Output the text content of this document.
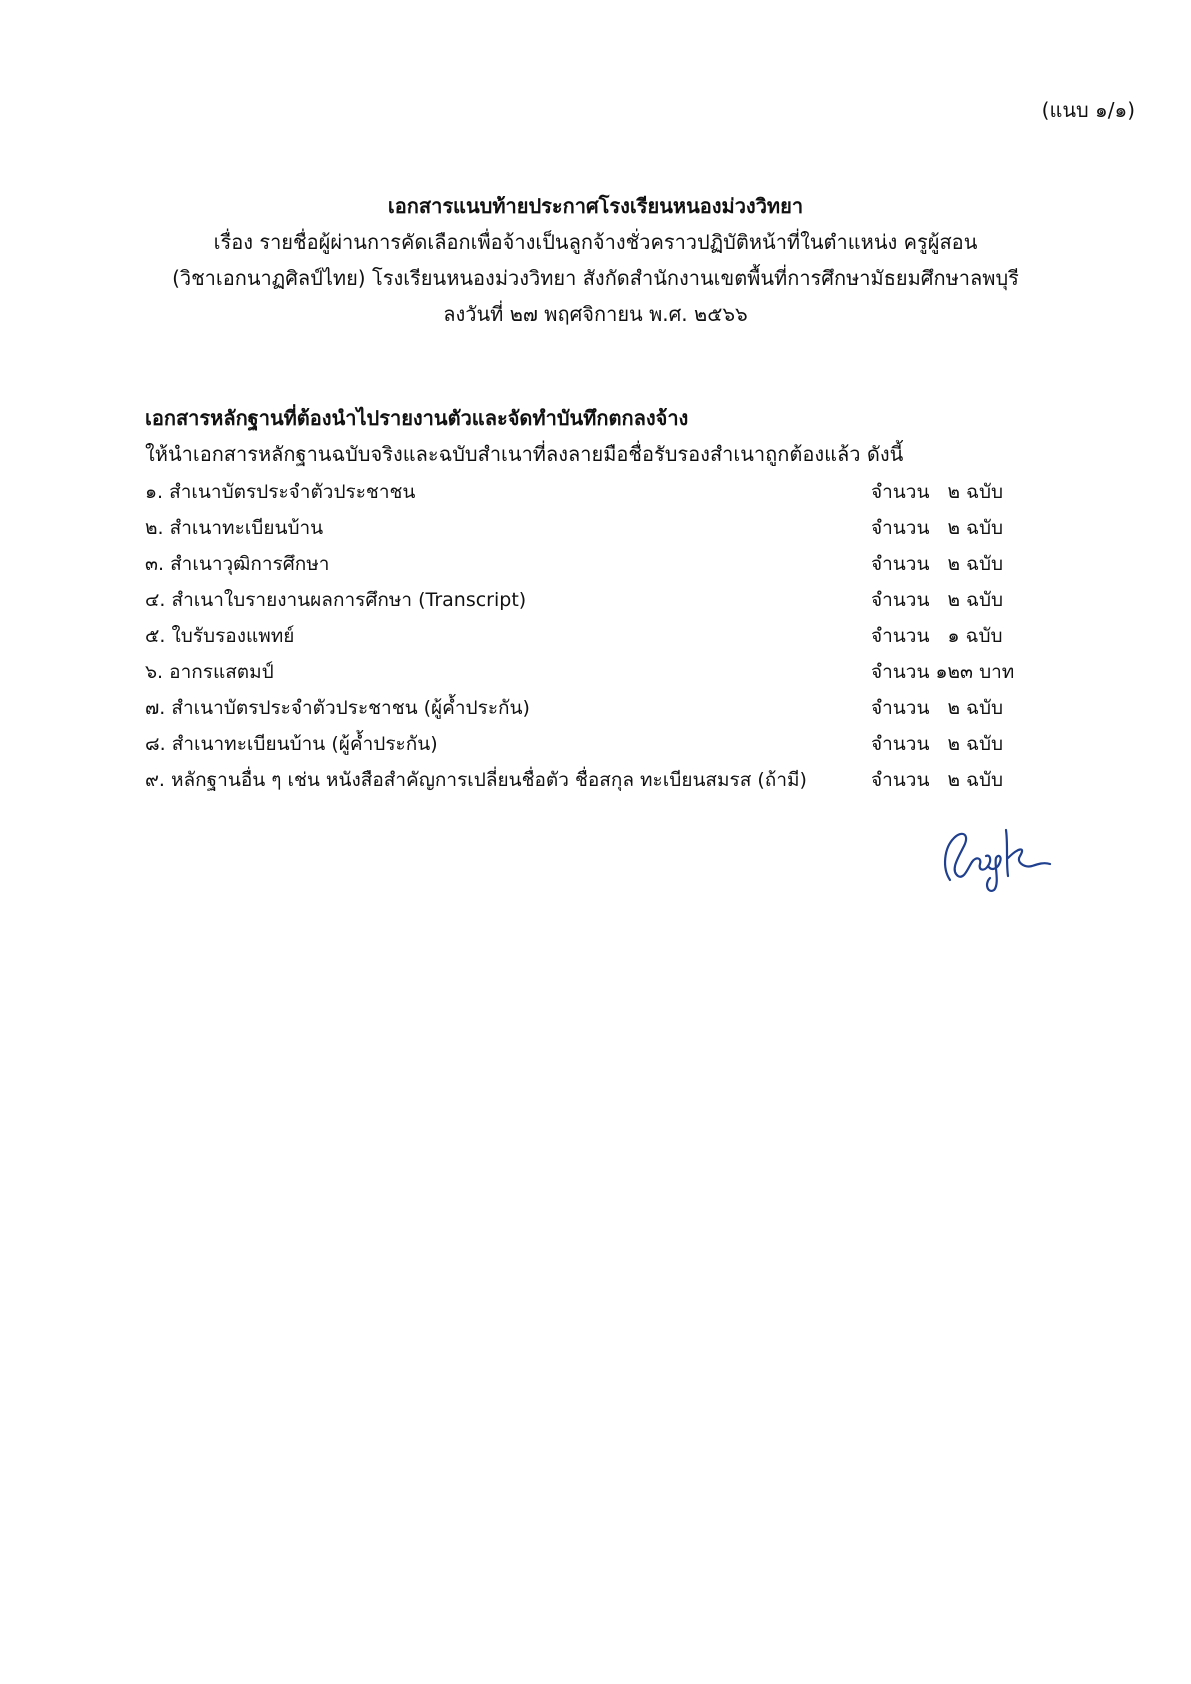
(แนบ ๑/๑)
เอกสารแนบท้ายประกาศโรงเรียนหนองม่วงวิทยา
เรื่อง รายชื่อผู้ผ่านการคัดเลือกเพื่อจ้างเป็นลูกจ้างชั่วคราวปฏิบัติหน้าที่ในตำแหน่ง ครูผู้สอน
(วิชาเอกนาฏศิลป์ไทย) โรงเรียนหนองม่วงวิทยา สังกัดสำนักงานเขตพื้นที่การศึกษามัธยมศึกษาลพบุรี
ลงวันที่ ๒๗ พฤศจิกายน พ.ศ. ๒๕๖๖
เอกสารหลักฐานที่ต้องนำไปรายงานตัวและจัดทำบันทึกตกลงจ้าง
ให้นำเอกสารหลักฐานฉบับจริงและฉบับสำเนาที่ลงลายมือชื่อรับรองสำเนาถูกต้องแล้ว ดังนี้
๑. สำเนาบัตรประจำตัวประชาชน	จำนวน ๒ ฉบับ
๒. สำเนาทะเบียนบ้าน	จำนวน ๒ ฉบับ
๓. สำเนาวุฒิการศึกษา	จำนวน ๒ ฉบับ
๔. สำเนาใบรายงานผลการศึกษา (Transcript)	จำนวน ๒ ฉบับ
๕. ใบรับรองแพทย์	จำนวน ๑ ฉบับ
๖. อากรแสตมป์	จำนวน ๑๒๓ บาท
๗. สำเนาบัตรประจำตัวประชาชน (ผู้ค้ำประกัน)	จำนวน ๒ ฉบับ
๘. สำเนาทะเบียนบ้าน (ผู้ค้ำประกัน)	จำนวน ๒ ฉบับ
๙. หลักฐานอื่น ๆ เช่น หนังสือสำคัญการเปลี่ยนชื่อตัว ชื่อสกุล ทะเบียนสมรส (ถ้ามี)	จำนวน ๒ ฉบับ
